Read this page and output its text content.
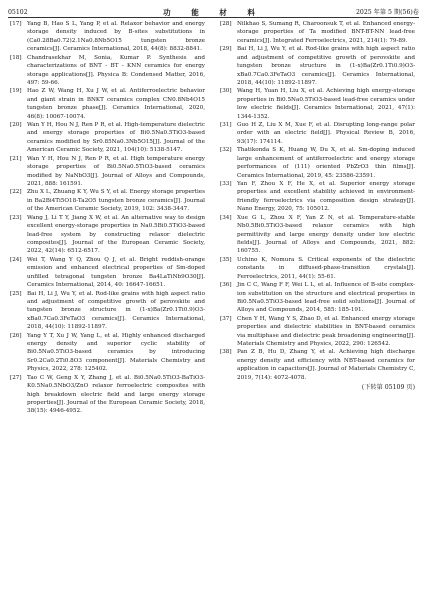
05102	功 能 材 料	2025 年第 5 期(56)卷
[17] Yang B, Hao S L, Yang P, et al. Relaxor behavior and energy storage density induced by B-sites substitutions in (Ca0.28Ba0.72)2.1Na0.8Nb5O15 tungsten bronze ceramics[J]. Ceramics International, 2018, 44(8): 8832-8841.
[18] Chandrasekhar M, Sonia, Kumar P. Synthesis and characterizations of BNT - BT - KNN ceramics for energy storage applications[J]. Physica B: Condensed Matter, 2016, 497: 59-66.
[19] Hao Z W, Wang H, Xu J W, et al. Antiferroelectric behavior and giant strain in BNKT ceramics complex CN0.8Nb4O15 tungsten bronze phase[J]. Ceramics International, 2020, 46(8): 10067-10074.
[20] Wan Y H, Hou N J, Ren P R, et al. High-temperature dielectric and energy storage properties of Bi0.5Na0.5TiO3-based ceramics modified by Sr0.85Na0.3Nb5O15[J]. Journal of the American Ceramic Society, 2021, 104(10): 5138-5147.
[21] Wan Y H, Hou N J, Ren P R, et al. High temperature energy storage properties of Bi0.5Na0.5TiO3-based ceramics modified by NaNbO3[J]. Journal of Alloys and Compounds, 2021, 888: 161591.
[22] Zhu X L, Zhuang K Y, Wu S Y, et al. Energy storage properties in Ba2Bi4Ti5O18-Ta2O5 tungsten bronze ceramics[J]. Journal of the American Ceramic Society, 2019, 102: 3438-3447.
[23] Wang J, Li T Y, Jiang X W, et al. An alternative way to design excellent energy-storage properties in Na0.5Bi0.5TiO3-based lead-free system by constructing relaxor dielectric composites[J]. Journal of the European Ceramic Society, 2022, 42(14): 6512-6517.
[24] Wei T, Wang Y Q, Zhou Q J, et al. Bright reddish-orange emission and enhanced electrical properties of Sm-doped unfilled tetragonal tungsten bronze Ba4LaTiNb9O30[J]. Ceramics International, 2014, 40: 16647-16651.
[25] Bai H, Li J, Wu Y, et al. Rod-like grains with high aspect ratio and adjustment of competitive growth of perovskite and tungsten bronze structure in (1-x)Ba(Zr0.1Ti0.9)O3-xBa0.7Ca0.3FeTaO3 ceramics[J]. Ceramics International, 2018, 44(10): 11892-11897.
[26] Yang Y T, Xu J W, Yang L, et al. Highly enhanced discharged energy density and superior cyclic stability of Bi0.5Na0.5TiO3-based ceramics by introducing Sr0.2Ca0.2Ti0.8O3 component[J]. Materials Chemistry and Physics, 2022, 278: 125402.
[27] Tao C W, Geng X Y, Zhang J, et al. Bi0.5Na0.5TiO3-BaTiO3-K0.5Na0.5NbO3/ZnO relaxor ferroelectric composites with high breakdown electric field and large energy storage properties[J]. Journal of the European Ceramic Society, 2018, 38(15): 4946-4952.
[28] Nilkhao S, Sumang R, Charoonsuk T, et al. Enhanced energy-storage properties of Ta modified BNT-BT-NN lead-free ceramics[J]. Integrated Ferroelectrics, 2021, 214(1): 79-89.
[29] Bai H, Li J, Wu Y, et al. Rod-like grains with high aspect ratio and adjustment of competitive growth of perovskite and tungsten bronze structure in (1-x)Ba(Zr0.1Ti0.9)O3-xBa0.7Ca0.3FeTaO3 ceramics[J]. Ceramics International, 2018, 44(10): 11892-11897.
[30] Wang H, Yuan H, Liu X, et al. Achieving high energy-storage properties in Bi0.5Na0.5TiO3-based lead-free ceramics under low electric fields[J]. Ceramics International, 2021, 47(1): 1344-1352.
[31] Guo H Z, Liu X M, Xue F, et al. Disrupting long-range polar order with an electric field[J]. Physical Review B, 2016, 93(17): 174114.
[32] Thatikonda S K, Huang W, Du X, et al. Sm-doping induced large enhancement of antiferroelectric and energy storage performances of (111) oriented PbZrO3 thin films[J]. Ceramics International, 2019, 45: 23586-23591.
[33] Yan F, Zhou X F, He X, et al. Superior energy storage properties and excellent stability achieved in environment-friendly ferroelectrics via composition design strategy[J]. Nano Energy, 2020, 75: 105012.
[34] Xue G L, Zhou X F, Yan Z N, et al. Temperature-stable Nb0.5Bi0.5TiO3-based relaxor ceramics with high permittivity and large energy density under low electric fields[J]. Journal of Alloys and Compounds, 2021, 882: 160755.
[35] Uchino K, Nomura S. Critical exponents of the dielectric constants in diffused-phase-transition crystals[J]. Ferroelectrics, 2011, 44(1): 55-61.
[36] Jin C C, Wang F F, Wei L L, et al. Influence of B-site complex-ion substitution on the structure and electrical properties in Bi0.5Na0.5TiO3-based lead-free solid solutions[J]. Journal of Alloys and Compounds, 2014, 585: 185-191.
[37] Chen Y H, Wang Y S, Zhao D, et al. Enhanced energy storage properties and dielectric stabilities in BNT-based ceramics via multiphase and dielectric peak broadening engineering[J]. Materials Chemistry and Physics, 2022, 290: 126542.
[38] Pan Z B, Hu D, Zhang Y, et al. Achieving high discharge energy density and efficiency with NBT-based ceramics for application in capacitors[J]. Journal of Materials Chemistry C, 2019, 7(14): 4072-4078.
(下转第 05109 页)
